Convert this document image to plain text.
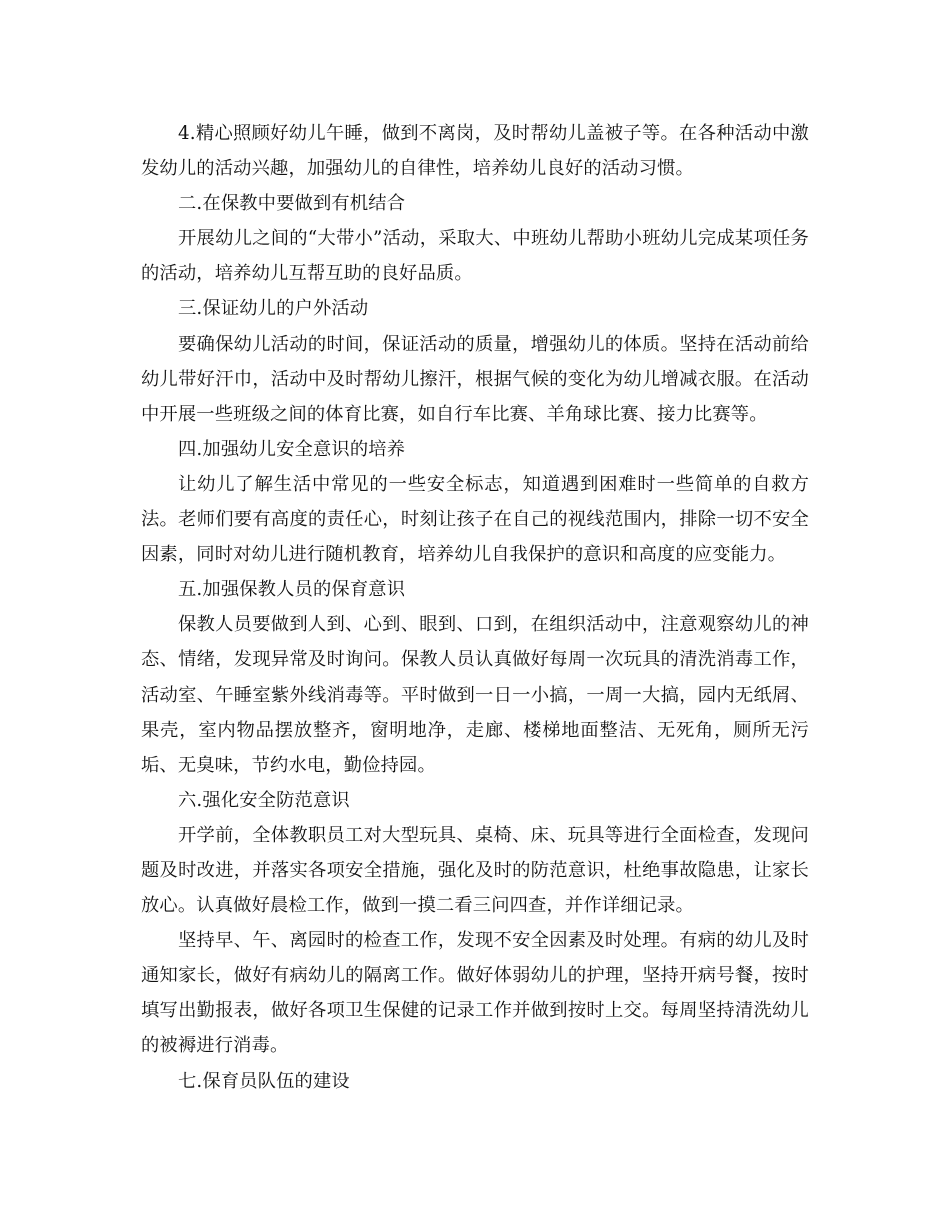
4.精心照顾好幼儿午睡，做到不离岗，及时帮幼儿盖被子等。在各种活动中激发幼儿的活动兴趣，加强幼儿的自律性，培养幼儿良好的活动习惯。

二.在保教中要做到有机结合

开展幼儿之间的“大带小”活动，采取大、中班幼儿帮助小班幼儿完成某项任务的活动，培养幼儿互帮互助的良好品质。

三.保证幼儿的户外活动

要确保幼儿活动的时间，保证活动的质量，增强幼儿的体质。坚持在活动前给幼儿带好汗巾，活动中及时帮幼儿擦汗，根据气候的变化为幼儿增减衣服。在活动中开展一些班级之间的体育比赛，如自行车比赛、羊角球比赛、接力比赛等。

四.加强幼儿安全意识的培养

让幼儿了解生活中常见的一些安全标志，知道遇到困难时一些简单的自救方法。老师们要有高度的责任心，时刻让孩子在自己的视线范围内，排除一切不安全因素，同时对幼儿进行随机教育，培养幼儿自我保护的意识和高度的应变能力。

五.加强保教人员的保育意识

保教人员要做到人到、心到、眼到、口到，在组织活动中，注意观察幼儿的神态、情绪，发现异常及时询问。保教人员认真做好每周一次玩具的清洗消毒工作，活动室、午睡室紫外线消毒等。平时做到一日一小搞，一周一大搞，园内无纸屑、果壳，室内物品摆放整齐，窗明地净，走廊、楼梯地面整洁、无死角，厕所无污垢、无臭味，节约水电，勤俭持园。

六.强化安全防范意识

开学前，全体教职员工对大型玩具、桌椅、床、玩具等进行全面检查，发现问题及时改进，并落实各项安全措施，强化及时的防范意识，杜绝事故隐患，让家长放心。认真做好晨检工作，做到一摸二看三问四查，并作详细记录。

坚持早、午、离园时的检查工作，发现不安全因素及时处理。有病的幼儿及时通知家长，做好有病幼儿的隔离工作。做好体弱幼儿的护理，坚持开病号餐，按时填写出勤报表，做好各项卫生保健的记录工作并做到按时上交。每周坚持清洗幼儿的被褥进行消毒。

七.保育员队伍的建设
